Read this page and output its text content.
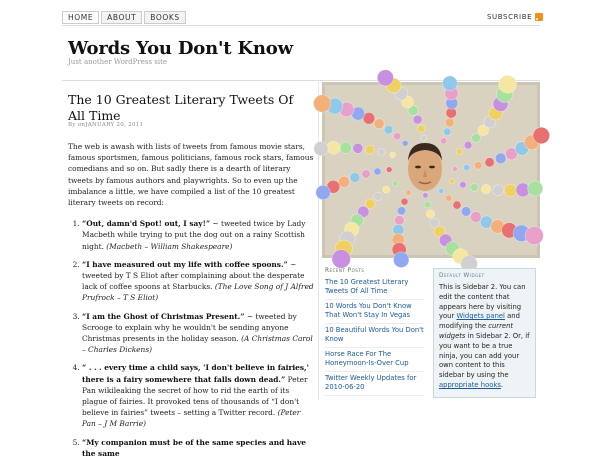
HOME	ABOUT	BOOKS	SUBSCRIBE
Words You Don't Know
Just another WordPress site
The 10 Greatest Literary Tweets Of All Time
By onJANUARY 20, 2011

The web is awash with lists of tweets from famous movie stars, famous sportsmen, famous politicians, famous rock stars, famous comedians and so on. But sadly there is a dearth of literary tweets by famous authors and playwrights. So to even up the imbalance a little, we have compiled a list of the 10 greatest literary tweets on record:

1. “Out, damn'd Spot! out, I say!” ~ tweeted twice by Lady Macbeth while trying to put the dog out on a rainy Scottish night. (Macbeth – William Shakespeare)
2. “I have measured out my life with coffee spoons.” ~ tweeted by T S Eliot after complaining about the desperate lack of coffee spoons at Starbucks. (The Love Song of J Alfred Prufrock – T S Eliot)
3. “I am the Ghost of Christmas Present.” ~ tweeted by Scrooge to explain why he wouldn't be sending anyone Christmas presents in the holiday season. (A Christmas Carol – Charles Dickens)
4. “ . . . every time a child says, 'I don't believe in fairies,' there is a fairy somewhere that falls down dead.” Peter Pan wikileaking the secret of how to rid the earth of its plague of fairies. It provoked tens of thousands of “I don't believe in fairies” tweets – setting a Twitter record. (Peter Pan – J M Barrie)
5. “My companion must be of the same species and have the same
Recent Posts
The 10 Greatest Literary Tweets Of All Time
10 Words You Don't Know That Won't Stay In Vegas
10 Beautiful Words You Don't Know
Horse Race For The Honeymoon-Is-Over Cup
Twitter Weekly Updates for 2010-06-20
Default Widget
This is Sidebar 2. You can edit the content that appears here by visiting your Widgets panel and modifying the current widgets in Sidebar 2. Or, if you want to be a true ninja, you can add your own content to this sidebar by using the appropriate hooks.
